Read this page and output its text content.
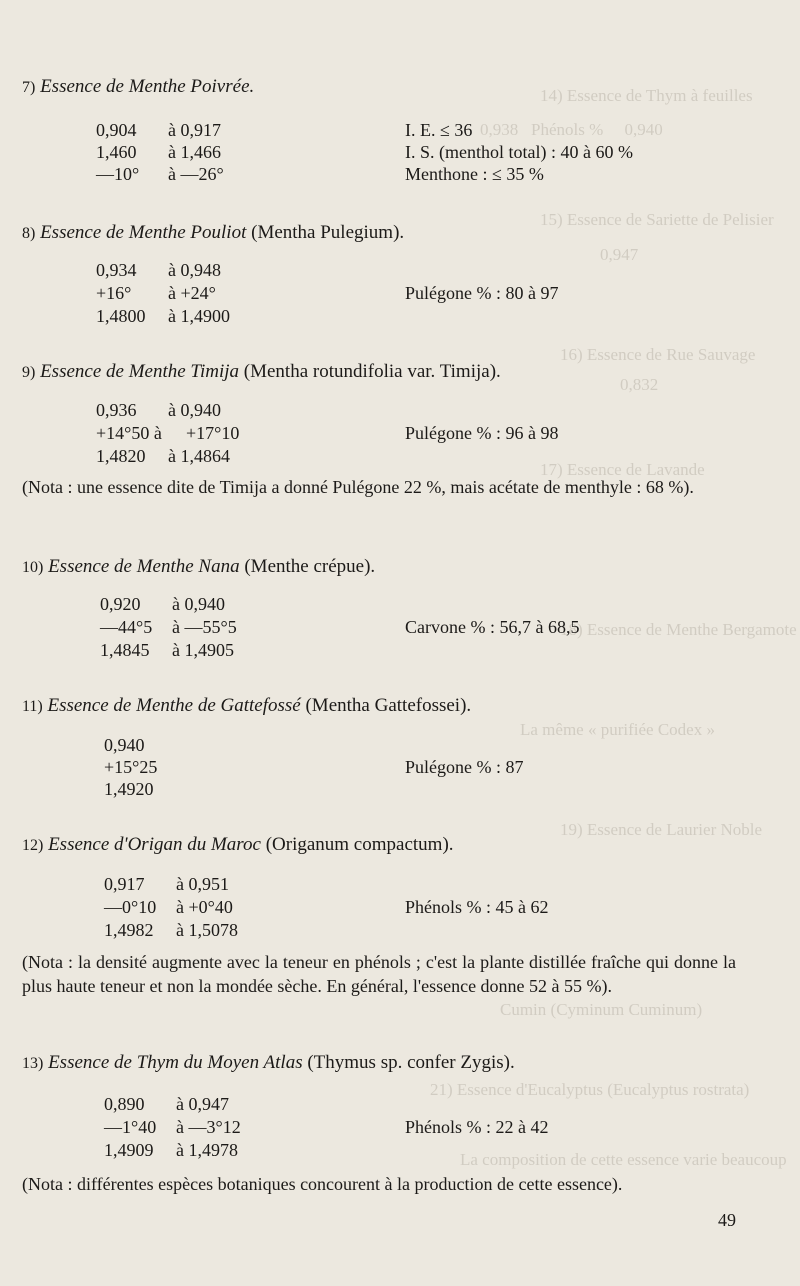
14) Essence de Thym à feuilles
0,938   Phénols %     0,940
15) Essence de Sariette de Pelisier
0,947
16) Essence de Rue Sauvage
0,832
17) Essence de Lavande
18) Essence de Menthe Bergamote
La même « purifiée Codex »
19) Essence de Laurier Noble
Cumin (Cyminum Cuminum)
21) Essence d'Eucalyptus (Eucalyptus rostrata)
La composition de cette essence varie beaucoup
7) Essence de Menthe Poivrée.
0,904 à 0,917
1,460 à 1,466
—10° à —26°
I. E. ≤ 36
I. S. (menthol total) : 40 à 60 %
Menthone : ≤ 35 %
8) Essence de Menthe Pouliot (Mentha Pulegium).
0,934 à 0,948
+16° à +24°
1,4800 à 1,4900
Pulégone % : 80 à 97
9) Essence de Menthe Timija (Mentha rotundifolia var. Timija).
0,936 à 0,940
+14°50 à +17°10
1,4820 à 1,4864
Pulégone % : 96 à 98
(Nota : une essence dite de Timija a donné Pulégone 22 %, mais acétate de menthyle : 68 %).
10) Essence de Menthe Nana (Menthe crépue).
0,920 à 0,940
—44°5 à —55°5
1,4845 à 1,4905
Carvone % : 56,7 à 68,5
11) Essence de Menthe de Gattefossé (Mentha Gattefossei).
0,940
+15°25
1,4920
Pulégone % : 87
12) Essence d'Origan du Maroc (Origanum compactum).
0,917 à 0,951
—0°10 à +0°40
1,4982 à 1,5078
Phénols % : 45 à 62
(Nota : la densité augmente avec la teneur en phénols ; c'est la plante distillée fraîche qui donne la plus haute teneur et non la mondée sèche. En général, l'essence donne 52 à 55 %).
13) Essence de Thym du Moyen Atlas (Thymus sp. confer Zygis).
0,890 à 0,947
—1°40 à —3°12
1,4909 à 1,4978
Phénols % : 22 à 42
(Nota : différentes espèces botaniques concourent à la production de cette essence).
49
